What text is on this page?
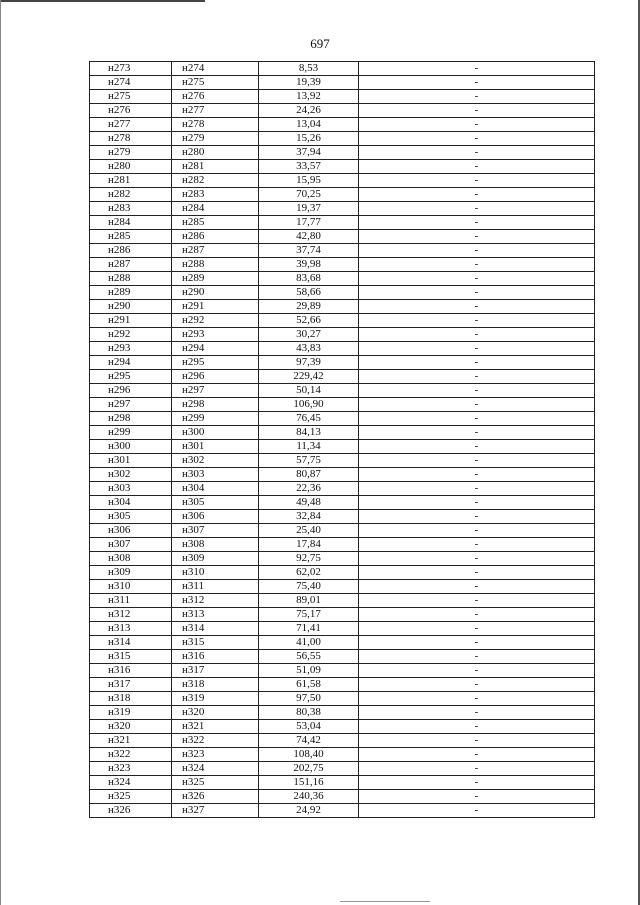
697
н273	н274	8,53	-
н274	н275	19,39	-
н275	н276	13,92	-
н276	н277	24,26	-
н277	н278	13,04	-
н278	н279	15,26	-
н279	н280	37,94	-
н280	н281	33,57	-
н281	н282	15,95	-
н282	н283	70,25	-
н283	н284	19,37	-
н284	н285	17,77	-
н285	н286	42,80	-
н286	н287	37,74	-
н287	н288	39,98	-
н288	н289	83,68	-
н289	н290	58,66	-
н290	н291	29,89	-
н291	н292	52,66	-
н292	н293	30,27	-
н293	н294	43,83	-
н294	н295	97,39	-
н295	н296	229,42	-
н296	н297	50,14	-
н297	н298	106,90	-
н298	н299	76,45	-
н299	н300	84,13	-
н300	н301	11,34	-
н301	н302	57,75	-
н302	н303	80,87	-
н303	н304	22,36	-
н304	н305	49,48	-
н305	н306	32,84	-
н306	н307	25,40	-
н307	н308	17,84	-
н308	н309	92,75	-
н309	н310	62,02	-
н310	н311	75,40	-
н311	н312	89,01	-
н312	н313	75,17	-
н313	н314	71,41	-
н314	н315	41,00	-
н315	н316	56,55	-
н316	н317	51,09	-
н317	н318	61,58	-
н318	н319	97,50	-
н319	н320	80,38	-
н320	н321	53,04	-
н321	н322	74,42	-
н322	н323	108,40	-
н323	н324	202,75	-
н324	н325	151,16	-
н325	н326	240,36	-
н326	н327	24,92	-
